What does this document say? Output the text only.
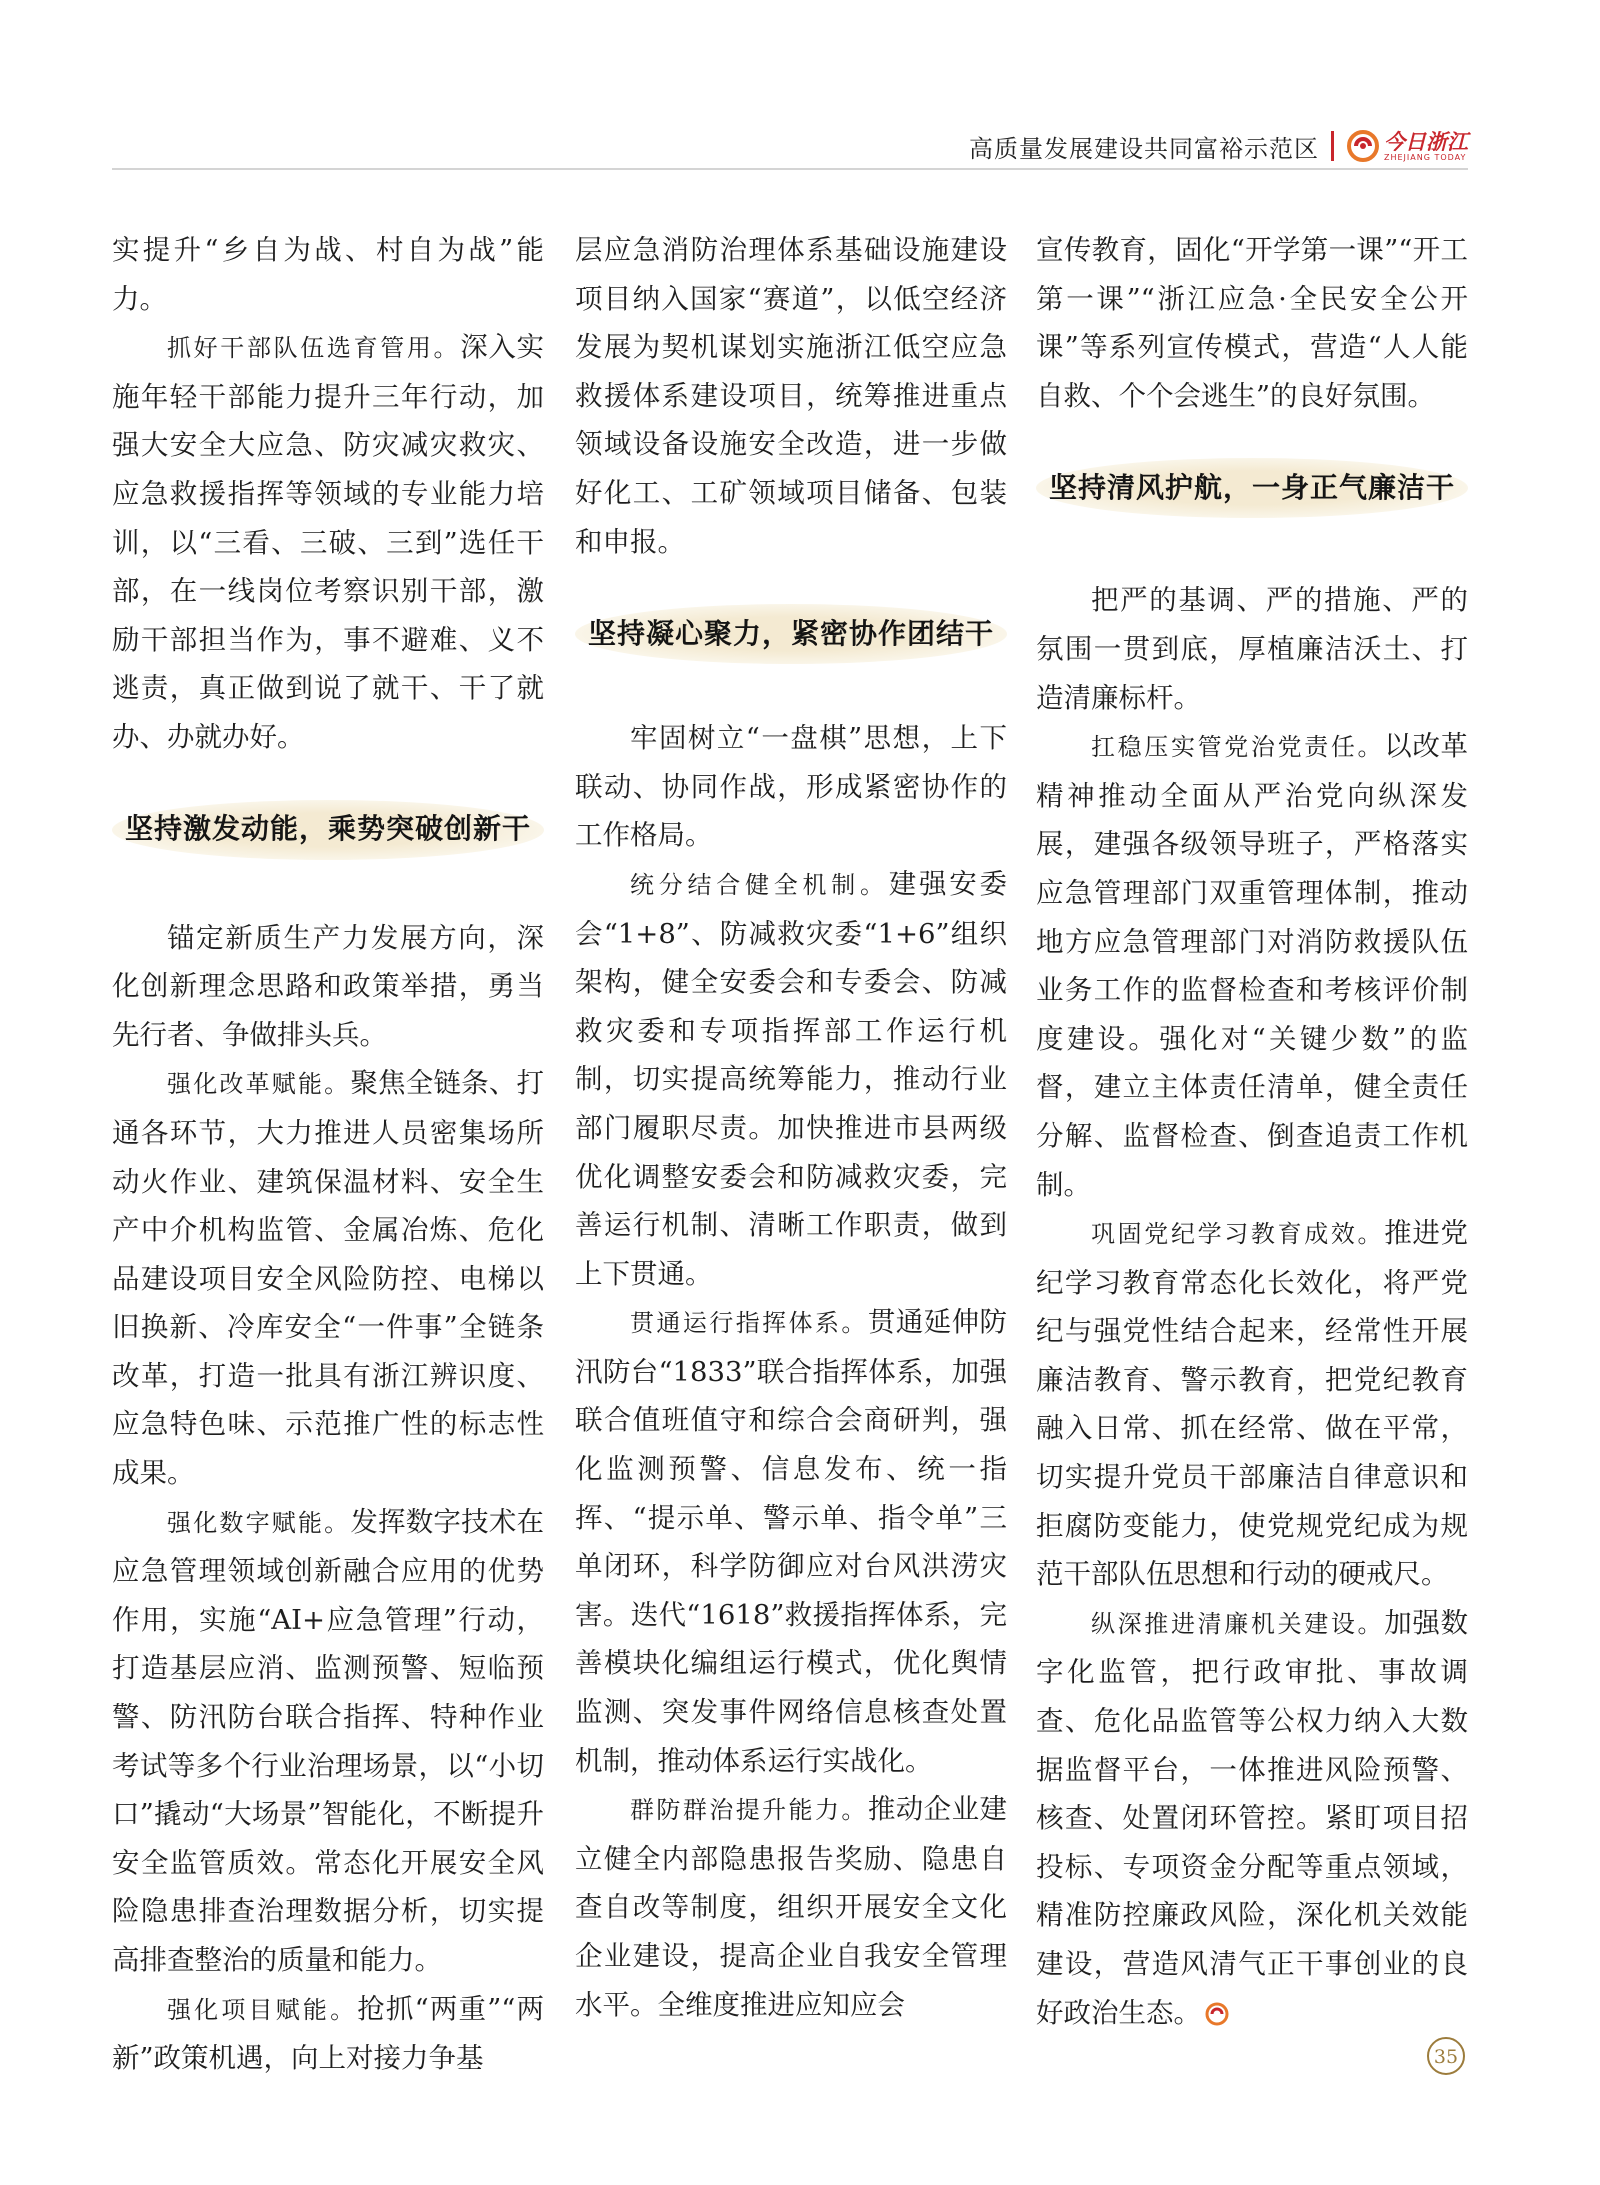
高质量发展建设共同富裕示范区	今日浙江
ZHEJIANG TODAY

实提升“乡自为战、村自为战”能力。

抓好干部队伍选育管用。深入实施年轻干部能力提升三年行动，加强大安全大应急、防灾减灾救灾、应急救援指挥等领域的专业能力培训，以“三看、三破、三到”选任干部，在一线岗位考察识别干部，激励干部担当作为，事不避难、义不逃责，真正做到说了就干、干了就办、办就办好。

坚持激发动能，乘势突破创新干

锚定新质生产力发展方向，深化创新理念思路和政策举措，勇当先行者、争做排头兵。

强化改革赋能。聚焦全链条、打通各环节，大力推进人员密集场所动火作业、建筑保温材料、安全生产中介机构监管、金属冶炼、危化品建设项目安全风险防控、电梯以旧换新、冷库安全“一件事”全链条改革，打造一批具有浙江辨识度、应急特色味、示范推广性的标志性成果。

强化数字赋能。发挥数字技术在应急管理领域创新融合应用的优势作用，实施“AI+应急管理”行动，打造基层应消、监测预警、短临预警、防汛防台联合指挥、特种作业考试等多个行业治理场景，以“小切口”撬动“大场景”智能化，不断提升安全监管质效。常态化开展安全风险隐患排查治理数据分析，切实提高排查整治的质量和能力。

强化项目赋能。抢抓“两重”“两新”政策机遇，向上对接力争基

层应急消防治理体系基础设施建设项目纳入国家“赛道”，以低空经济发展为契机谋划实施浙江低空应急救援体系建设项目，统筹推进重点领域设备设施安全改造，进一步做好化工、工矿领域项目储备、包装和申报。

坚持凝心聚力，紧密协作团结干

牢固树立“一盘棋”思想，上下联动、协同作战，形成紧密协作的工作格局。

统分结合健全机制。建强安委会“1+8”、防减救灾委“1+6”组织架构，健全安委会和专委会、防减救灾委和专项指挥部工作运行机制，切实提高统筹能力，推动行业部门履职尽责。加快推进市县两级优化调整安委会和防减救灾委，完善运行机制、清晰工作职责，做到上下贯通。

贯通运行指挥体系。贯通延伸防汛防台“1833”联合指挥体系，加强联合值班值守和综合会商研判，强化监测预警、信息发布、统一指挥、“提示单、警示单、指令单”三单闭环，科学防御应对台风洪涝灾害。迭代“1618”救援指挥体系，完善模块化编组运行模式，优化舆情监测、突发事件网络信息核查处置机制，推动体系运行实战化。

群防群治提升能力。推动企业建立健全内部隐患报告奖励、隐患自查自改等制度，组织开展安全文化企业建设，提高企业自我安全管理水平。全维度推进应知应会

宣传教育，固化“开学第一课”“开工第一课”“浙江应急·全民安全公开课”等系列宣传模式，营造“人人能自救、个个会逃生”的良好氛围。

坚持清风护航，一身正气廉洁干

把严的基调、严的措施、严的氛围一贯到底，厚植廉洁沃土、打造清廉标杆。

扛稳压实管党治党责任。以改革精神推动全面从严治党向纵深发展，建强各级领导班子，严格落实应急管理部门双重管理体制，推动地方应急管理部门对消防救援队伍业务工作的监督检查和考核评价制度建设。强化对“关键少数”的监督，建立主体责任清单，健全责任分解、监督检查、倒查追责工作机制。

巩固党纪学习教育成效。推进党纪学习教育常态化长效化，将严党纪与强党性结合起来，经常性开展廉洁教育、警示教育，把党纪教育融入日常、抓在经常、做在平常，切实提升党员干部廉洁自律意识和拒腐防变能力，使党规党纪成为规范干部队伍思想和行动的硬戒尺。

纵深推进清廉机关建设。加强数字化监管，把行政审批、事故调查、危化品监管等公权力纳入大数据监督平台，一体推进风险预警、核查、处置闭环管控。紧盯项目招投标、专项资金分配等重点领域，精准防控廉政风险，深化机关效能建设，营造风清气正干事创业的良好政治生态。

35
